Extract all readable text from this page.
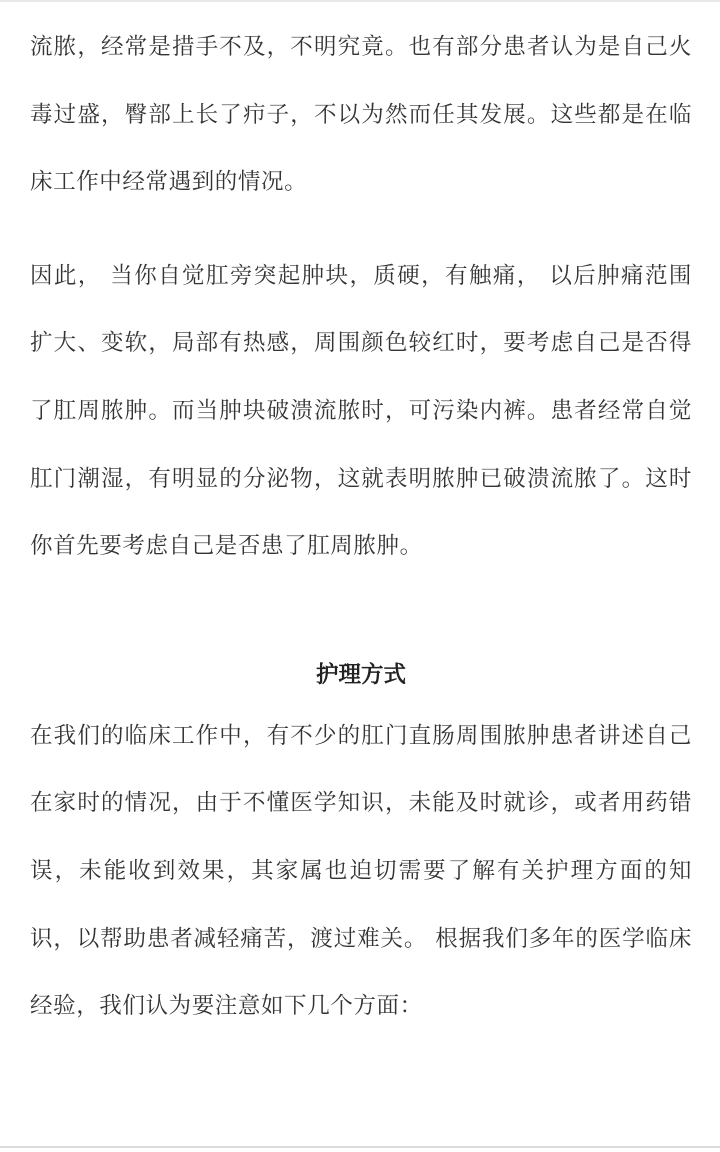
流脓，经常是措手不及，不明究竟。也有部分患者认为是自己火毒过盛，臀部上长了疖子，不以为然而任其发展。这些都是在临床工作中经常遇到的情况。

因此， 当你自觉肛旁突起肿块，质硬，有触痛， 以后肿痛范围扩大、变软，局部有热感，周围颜色较红时，要考虑自己是否得了肛周脓肿。而当肿块破溃流脓时，可污染内裤。患者经常自觉肛门潮湿，有明显的分泌物，这就表明脓肿已破溃流脓了。这时你首先要考虑自己是否患了肛周脓肿。

护理方式

在我们的临床工作中，有不少的肛门直肠周围脓肿患者讲述自己在家时的情况，由于不懂医学知识，未能及时就诊，或者用药错误，未能收到效果，其家属也迫切需要了解有关护理方面的知识，以帮助患者减轻痛苦，渡过难关。 根据我们多年的医学临床经验，我们认为要注意如下几个方面：
